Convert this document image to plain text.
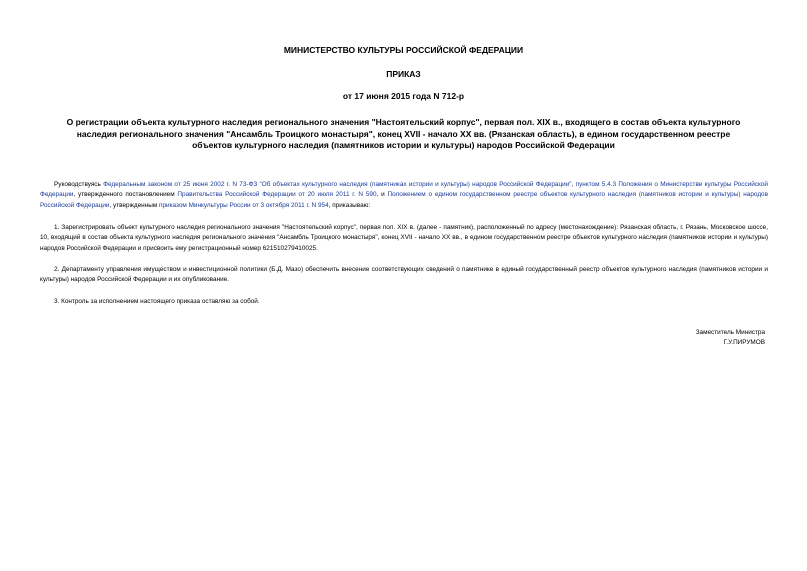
МИНИСТЕРСТВО КУЛЬТУРЫ РОССИЙСКОЙ ФЕДЕРАЦИИ
ПРИКАЗ
от 17 июня 2015 года N 712-р
О регистрации объекта культурного наследия регионального значения "Настоятельский корпус", первая пол. XIX в., входящего в состав объекта культурного наследия регионального значения "Ансамбль Троицкого монастыря", конец XVII - начало XX вв. (Рязанская область), в едином государственном реестре объектов культурного наследия (памятников истории и культуры) народов Российской Федерации
Руководствуясь Федеральным законом от 25 июня 2002 г. N 73-ФЗ "Об объектах культурного наследия (памятниках истории и культуры) народов Российской Федерации", пунктом 5.4.3 Положения о Министерстве культуры Российской Федерации, утвержденного постановлением Правительства Российской Федерации от 20 июля 2011 г. N 590, и Положением о едином государственном реестре объектов культурного наследия (памятников истории и культуры) народов Российской Федерации, утвержденным приказом Минкультуры России от 3 октября 2011 г. N 954, приказываю:
1. Зарегистрировать объект культурного наследия регионального значения "Настоятельский корпус", первая пол. XIX в. (далее - памятник), расположенный по адресу (местонахождение): Рязанская область, г. Рязань, Московское шоссе, 10, входящий в состав объекта культурного наследия регионального значения "Ансамбль Троицкого монастыря", конец XVII - начало XX вв., в едином государственном реестре объектов культурного наследия (памятников истории и культуры) народов Российской Федерации и присвоить ему регистрационный номер 621510279410025.
2. Департаменту управления имуществом и инвестиционной политики (Б.Д. Мазо) обеспечить внесение соответствующих сведений о памятнике в единый государственный реестр объектов культурного наследия (памятников истории и культуры) народов Российской Федерации и их опубликование.
3. Контроль за исполнением настоящего приказа оставляю за собой.
Заместитель Министра
Г.У.ПИРУМОВ
